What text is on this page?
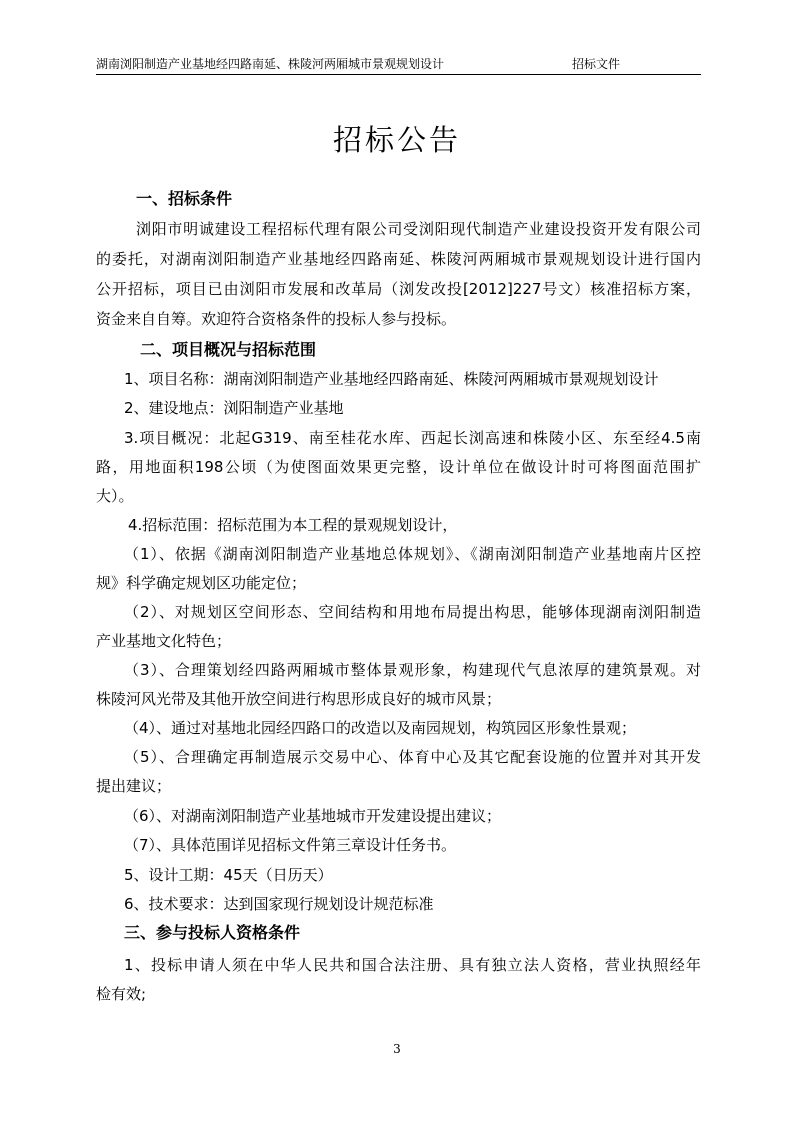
湖南浏阳制造产业基地经四路南延、株陵河两厢城市景观规划设计	招标文件
招标公告
一、招标条件
浏阳市明诚建设工程招标代理有限公司受浏阳现代制造产业建设投资开发有限公司
的委托，对湖南浏阳制造产业基地经四路南延、株陵河两厢城市景观规划设计进行国内
公开招标，项目已由浏阳市发展和改革局（浏发改投[2012]227号文）核准招标方案，
资金来自自筹。欢迎符合资格条件的投标人参与投标。
二、项目概况与招标范围
1、项目名称：湖南浏阳制造产业基地经四路南延、株陵河两厢城市景观规划设计
2、建设地点：浏阳制造产业基地
3.项目概况：北起G319、南至桂花水库、西起长浏高速和株陵小区、东至经4.5南
路，用地面积198公顷（为使图面效果更完整，设计单位在做设计时可将图面范围扩
大）。
4.招标范围：招标范围为本工程的景观规划设计，
（1）、依据《湖南浏阳制造产业基地总体规划》、《湖南浏阳制造产业基地南片区控
规》科学确定规划区功能定位；
（2）、对规划区空间形态、空间结构和用地布局提出构思，能够体现湖南浏阳制造
产业基地文化特色；
（3）、合理策划经四路两厢城市整体景观形象，构建现代气息浓厚的建筑景观。对
株陵河风光带及其他开放空间进行构思形成良好的城市风景；
（4）、通过对基地北园经四路口的改造以及南园规划，构筑园区形象性景观；
（5）、合理确定再制造展示交易中心、体育中心及其它配套设施的位置并对其开发
提出建议；
（6）、对湖南浏阳制造产业基地城市开发建设提出建议；
（7）、具体范围详见招标文件第三章设计任务书。
5、设计工期：45天（日历天）
6、技术要求：达到国家现行规划设计规范标准
三、参与投标人资格条件
1、投标申请人须在中华人民共和国合法注册、具有独立法人资格，营业执照经年
检有效;
3
